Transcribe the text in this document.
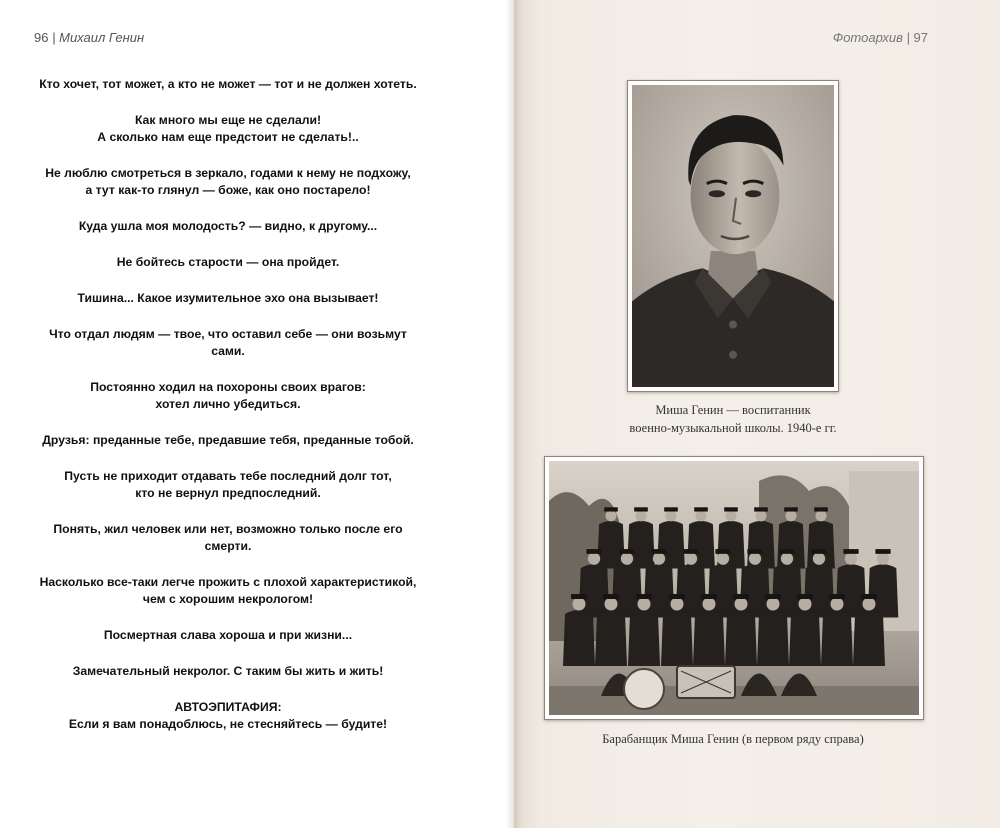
96 | Михаил Генин

Кто хочет, тот может, а кто не может — тот и не должен хотеть.

Как много мы еще не сделали!
А сколько нам еще предстоит не сделать!..

Не люблю смотреться в зеркало, годами к нему не подхожу,
а тут как-то глянул — боже, как оно постарело!

Куда ушла моя молодость? — видно, к другому...

Не бойтесь старости — она пройдет.

Тишина... Какое изумительное эхо она вызывает!

Что отдал людям — твое, что оставил себе — они возьмут сами.

Постоянно ходил на похороны своих врагов:
хотел лично убедиться.

Друзья: преданные тебе, предавшие тебя, преданные тобой.

Пусть не приходит отдавать тебе последний долг тот,
кто не вернул предпоследний.

Понять, жил человек или нет, возможно только после его смерти.

Насколько все-таки легче прожить с плохой характеристикой,
чем с хорошим некрологом!

Посмертная слава хороша и при жизни...

Замечательный некролог. С таким бы жить и жить!

АВТОЭПИТАФИЯ:
Если я вам понадоблюсь, не стесняйтесь — будите!

Фотоархив | 97
Миша Генин — воспитанник
военно-музыкальной школы. 1940-е гг.
Барабанщик Миша Генин (в первом ряду справа)
